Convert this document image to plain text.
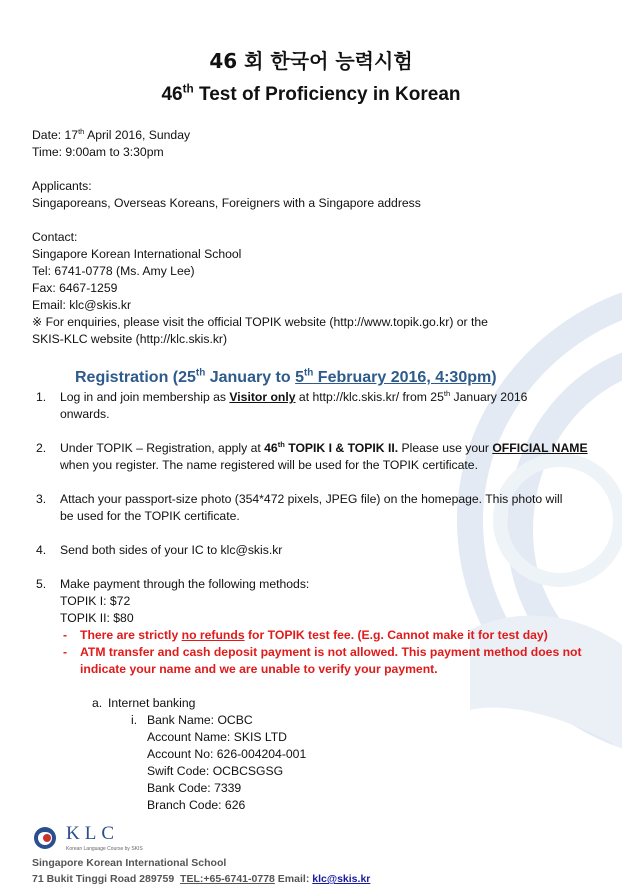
46 회 한국어 능력시험
46th Test of Proficiency in Korean
Date: 17th April 2016, Sunday
Time: 9:00am to 3:30pm
Applicants:
Singaporeans, Overseas Koreans, Foreigners with a Singapore address
Contact:
Singapore Korean International School
Tel: 6741-0778 (Ms. Amy Lee)
Fax: 6467-1259
Email: klc@skis.kr
※ For enquiries, please visit the official TOPIK website (http://www.topik.go.kr) or the
SKIS-KLC website (http://klc.skis.kr)
Registration (25th January to 5th February 2016, 4:30pm)
1. Log in and join membership as Visitor only at http://klc.skis.kr/ from 25th January 2016
onwards.
2. Under TOPIK – Registration, apply at 46th TOPIK I & TOPIK II. Please use your OFFICIAL NAME
when you register. The name registered will be used for the TOPIK certificate.
3. Attach your passport-size photo (354*472 pixels, JPEG file) on the homepage. This photo will
be used for the TOPIK certificate.
4. Send both sides of your IC to klc@skis.kr
5. Make payment through the following methods:
TOPIK I: $72
TOPIK II: $80
- There are strictly no refunds for TOPIK test fee. (E.g. Cannot make it for test day)
- ATM transfer and cash deposit payment is not allowed. This payment method does not
indicate your name and we are unable to verify your payment.
a. Internet banking
i. Bank Name: OCBC
Account Name: SKIS LTD
Account No: 626-004204-001
Swift Code: OCBCSGSG
Bank Code: 7339
Branch Code: 626
KLC
Korean Language Course by SKIS
Singapore Korean International School
71 Bukit Tinggi Road 289759 TEL:+65-6741-0778 Email: klc@skis.kr
